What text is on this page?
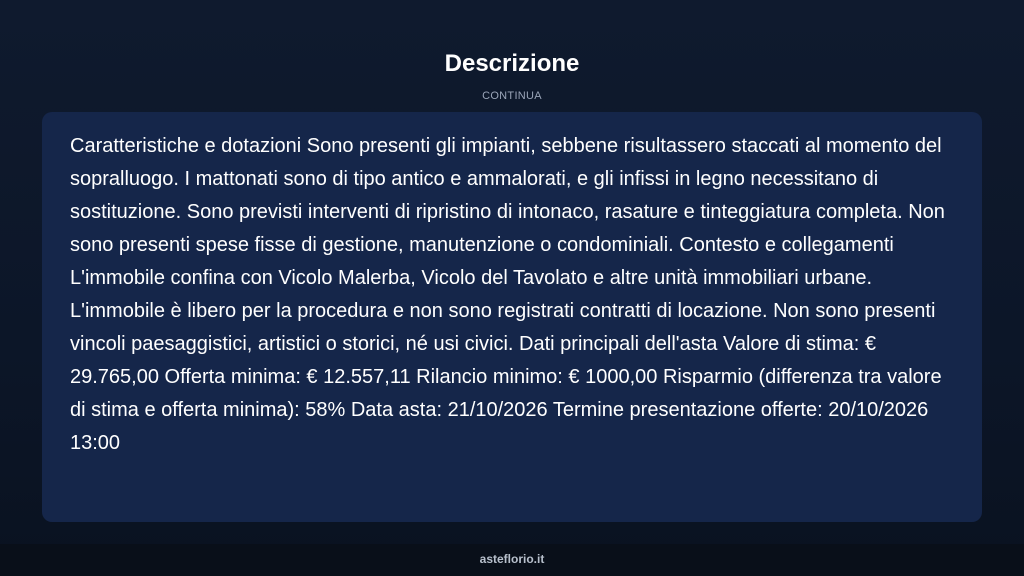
Descrizione
CONTINUA

Caratteristiche e dotazioni Sono presenti gli impianti, sebbene risultassero staccati al momento del sopralluogo. I mattonati sono di tipo antico e ammalorati, e gli infissi in legno necessitano di sostituzione. Sono previsti interventi di ripristino di intonaco, rasature e tinteggiatura completa. Non sono presenti spese fisse di gestione, manutenzione o condominiali. Contesto e collegamenti L'immobile confina con Vicolo Malerba, Vicolo del Tavolato e altre unità immobiliari urbane. L'immobile è libero per la procedura e non sono registrati contratti di locazione. Non sono presenti vincoli paesaggistici, artistici o storici, né usi civici. Dati principali dell'asta Valore di stima: € 29.765,00 Offerta minima: € 12.557,11 Rilancio minimo: € 1000,00 Risparmio (differenza tra valore di stima e offerta minima): 58% Data asta: 21/10/2026 Termine presentazione offerte: 20/10/2026 13:00

asteflorio.it
